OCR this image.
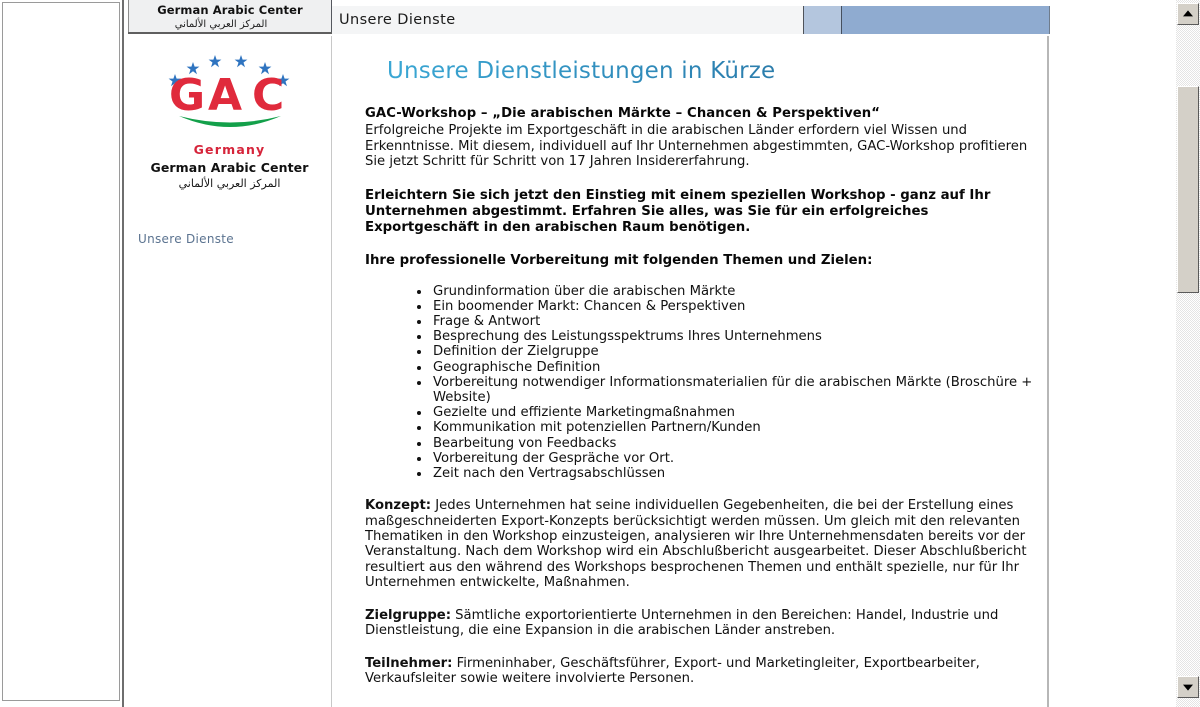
German Arabic Center
المركز العربي الألماني	Unsere Dienste
G A C
Germany
German Arabic Center
المركز العربي الألماني
Unsere Dienste
Unsere Dienstleistungen in Kürze

GAC-Workshop – „Die arabischen Märkte – Chancen & Perspektiven“

Erfolgreiche Projekte im Exportgeschäft in die arabischen Länder erfordern viel Wissen und Erkenntnisse. Mit diesem, individuell auf Ihr Unternehmen abgestimmten, GAC-Workshop profitieren Sie jetzt Schritt für Schritt von 17 Jahren Insidererfahrung.

Erleichtern Sie sich jetzt den Einstieg mit einem speziellen Workshop - ganz auf Ihr Unternehmen abgestimmt. Erfahren Sie alles, was Sie für ein erfolgreiches Exportgeschäft in den arabischen Raum benötigen.

Ihre professionelle Vorbereitung mit folgenden Themen und Zielen:

Grundinformation über die arabischen Märkte
Ein boomender Markt: Chancen & Perspektiven
Frage & Antwort
Besprechung des Leistungsspektrums Ihres Unternehmens
Definition der Zielgruppe
Geographische Definition
Vorbereitung notwendiger Informationsmaterialien für die arabischen Märkte (Broschüre + Website)
Gezielte und effiziente Marketingmaßnahmen
Kommunikation mit potenziellen Partnern/Kunden
Bearbeitung von Feedbacks
Vorbereitung der Gespräche vor Ort.
Zeit nach den Vertragsabschlüssen

Konzept: Jedes Unternehmen hat seine individuellen Gegebenheiten, die bei der Erstellung eines maßgeschneiderten Export-Konzepts berücksichtigt werden müssen. Um gleich mit den relevanten Thematiken in den Workshop einzusteigen, analysieren wir Ihre Unternehmensdaten bereits vor der Veranstaltung. Nach dem Workshop wird ein Abschlußbericht ausgearbeitet. Dieser Abschlußbericht resultiert aus den während des Workshops besprochenen Themen und enthält spezielle, nur für Ihr Unternehmen entwickelte, Maßnahmen.

Zielgruppe: Sämtliche exportorientierte Unternehmen in den Bereichen: Handel, Industrie und Dienstleistung, die eine Expansion in die arabischen Länder anstreben.

Teilnehmer: Firmeninhaber, Geschäftsführer, Export- und Marketingleiter, Exportbearbeiter, Verkaufsleiter sowie weitere involvierte Personen.
